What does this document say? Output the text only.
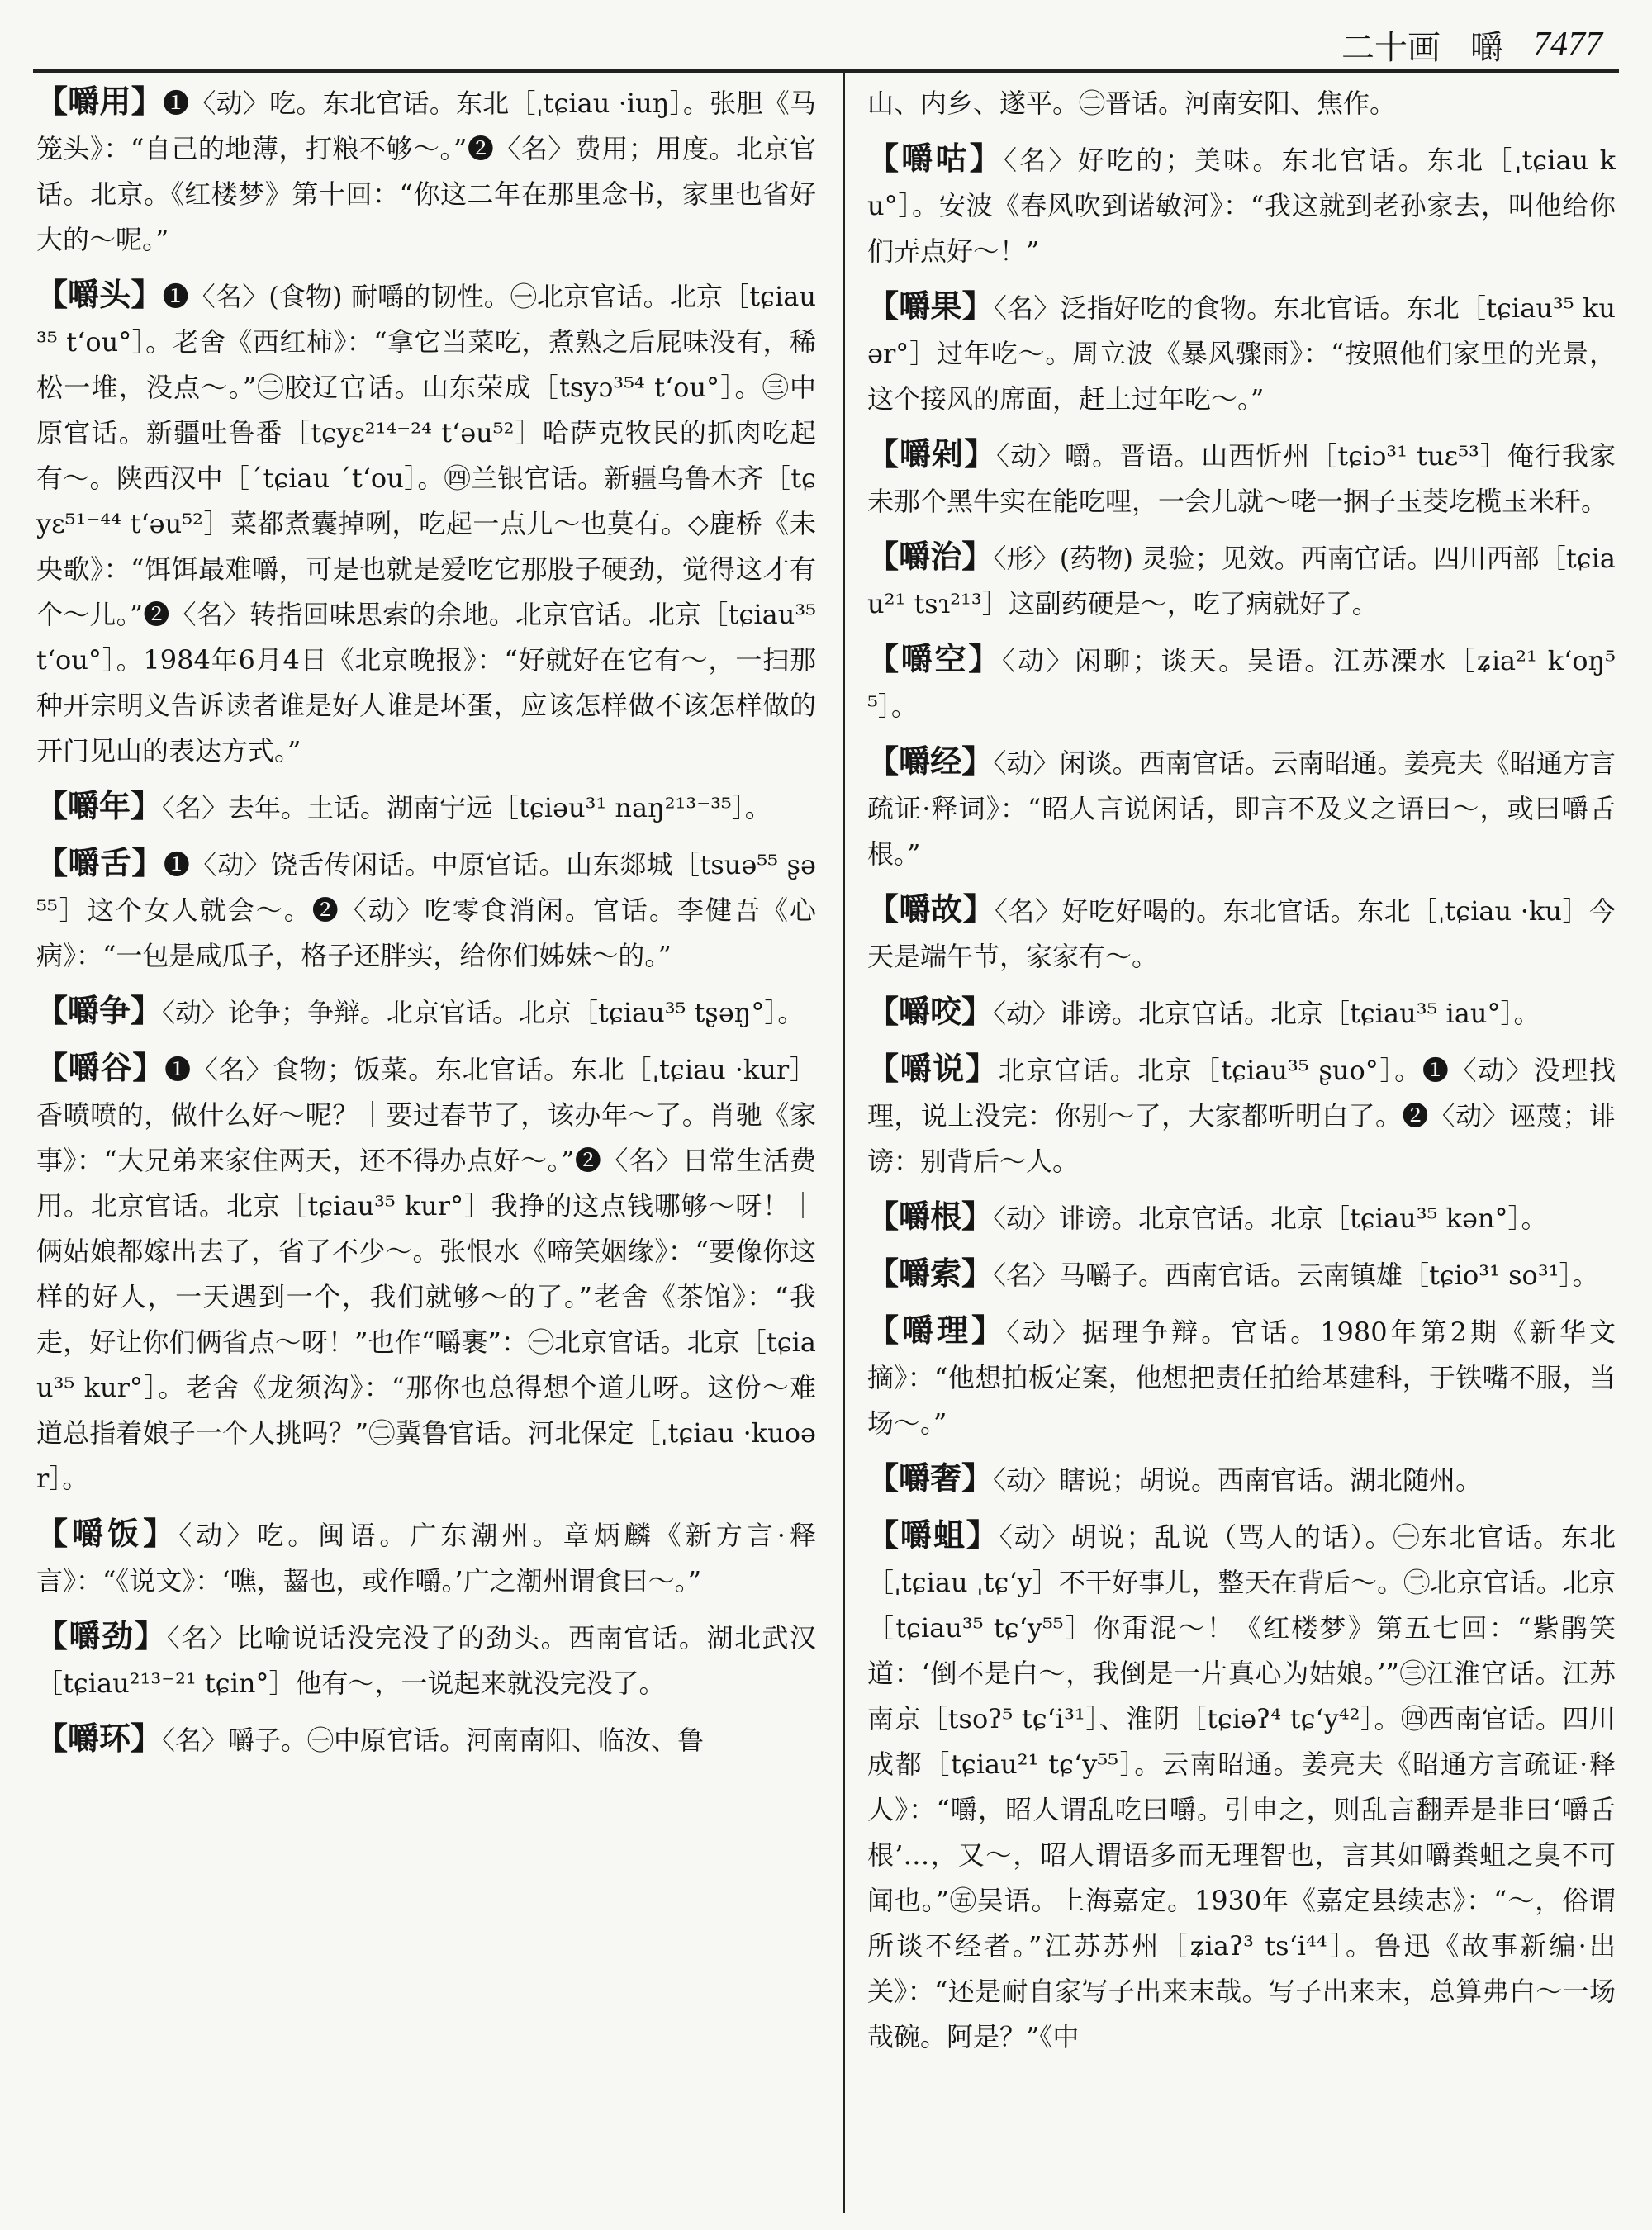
二十画 嚼 7477

【嚼用】❶〈动〉吃。东北官话。东北［ˌtɕiau ·iuŋ］。张胆《马笼头》：“自己的地薄，打粮不够～。”❷〈名〉费用；用度。北京官话。北京。《红楼梦》第十回：“你这二年在那里念书，家里也省好大的～呢。”

【嚼头】❶〈名〉(食物) 耐嚼的韧性。㊀北京官话。北京［tɕiau³⁵ tʻou°］。老舍《西红柿》：“拿它当菜吃，煮熟之后屁味没有，稀松一堆，没点～。”㊁胶辽官话。山东荣成［tsyɔ³⁵⁴ tʻou°］。㊂中原官话。新疆吐鲁番［tɕyɛ²¹⁴⁻²⁴ tʻəu⁵²］哈萨克牧民的抓肉吃起有～。陕西汉中［ˊtɕiau ˊtʻou］。㊃兰银官话。新疆乌鲁木齐［tɕyɛ⁵¹⁻⁴⁴ tʻəu⁵²］菜都煮囊掉咧，吃起一点儿～也莫有。◇鹿桥《未央歌》：“饵饵最难嚼，可是也就是爱吃它那股子硬劲，觉得这才有个～儿。”❷〈名〉转指回味思索的余地。北京官话。北京［tɕiau³⁵ tʻou°］。1984年6月4日《北京晚报》：“好就好在它有～，一扫那种开宗明义告诉读者谁是好人谁是坏蛋，应该怎样做不该怎样做的开门见山的表达方式。”

【嚼年】〈名〉去年。土话。湖南宁远［tɕiəu³¹ naŋ²¹³⁻³⁵］。

【嚼舌】❶〈动〉饶舌传闲话。中原官话。山东郯城［tsuə⁵⁵ ʂə⁵⁵］这个女人就会～。❷〈动〉吃零食消闲。官话。李健吾《心病》：“一包是咸瓜子，格子还胖实，给你们姊妹～的。”

【嚼争】〈动〉论争；争辩。北京官话。北京［tɕiau³⁵ tʂəŋ°］。

【嚼谷】❶〈名〉食物；饭菜。东北官话。东北［ˌtɕiau ·kur］香喷喷的，做什么好～呢？｜要过春节了，该办年～了。肖驰《家事》：“大兄弟来家住两天，还不得办点好～。”❷〈名〉日常生活费用。北京官话。北京［tɕiau³⁵ kur°］我挣的这点钱哪够～呀！｜俩姑娘都嫁出去了，省了不少～。张恨水《啼笑姻缘》：“要像你这样的好人，一天遇到一个，我们就够～的了。”老舍《茶馆》：“我走，好让你们俩省点～呀！”也作“嚼裹”：㊀北京官话。北京［tɕiau³⁵ kur°］。老舍《龙须沟》：“那你也总得想个道儿呀。这份～难道总指着娘子一个人挑吗？”㊁冀鲁官话。河北保定［ˌtɕiau ·kuoər］。

【嚼饭】〈动〉吃。闽语。广东潮州。章炳麟《新方言·释言》：“《说文》：‘噍，齧也，或作嚼。’广之潮州谓食曰～。”

【嚼劲】〈名〉比喻说话没完没了的劲头。西南官话。湖北武汉［tɕiau²¹³⁻²¹ tɕin°］他有～，一说起来就没完没了。

【嚼环】〈名〉嚼子。㊀中原官话。河南南阳、临汝、鲁

山、内乡、遂平。㊁晋话。河南安阳、焦作。

【嚼咕】〈名〉好吃的；美味。东北官话。东北［ˌtɕiau ku°］。安波《春风吹到诺敏河》：“我这就到老孙家去，叫他给你们弄点好～！”

【嚼果】〈名〉泛指好吃的食物。东北官话。东北［tɕiau³⁵ kuər°］过年吃～。周立波《暴风骤雨》：“按照他们家里的光景，这个接风的席面，赶上过年吃～。”

【嚼剁】〈动〉嚼。晋语。山西忻州［tɕiɔ³¹ tuɛ⁵³］俺行我家未那个黑牛实在能吃哩，一会儿就～咾一捆子玉茭圪榄玉米秆。

【嚼治】〈形〉(药物) 灵验；见效。西南官话。四川西部［tɕiau²¹ tsɿ²¹³］这副药硬是～，吃了病就好了。

【嚼空】〈动〉闲聊；谈天。吴语。江苏溧水［ʑia²¹ kʻoŋ⁵⁵］。

【嚼经】〈动〉闲谈。西南官话。云南昭通。姜亮夫《昭通方言疏证·释词》：“昭人言说闲话，即言不及义之语曰～，或曰嚼舌根。”

【嚼故】〈名〉好吃好喝的。东北官话。东北［ˌtɕiau ·ku］今天是端午节，家家有～。

【嚼咬】〈动〉诽谤。北京官话。北京［tɕiau³⁵ iau°］。

【嚼说】北京官话。北京［tɕiau³⁵ ʂuo°］。❶〈动〉没理找理，说上没完：你别～了，大家都听明白了。❷〈动〉诬蔑；诽谤：别背后～人。

【嚼根】〈动〉诽谤。北京官话。北京［tɕiau³⁵ kən°］。

【嚼索】〈名〉马嚼子。西南官话。云南镇雄［tɕio³¹ so³¹］。

【嚼理】〈动〉据理争辩。官话。1980年第2期《新华文摘》：“他想拍板定案，他想把责任拍给基建科，于铁嘴不服，当场～。”

【嚼奢】〈动〉瞎说；胡说。西南官话。湖北随州。

【嚼蛆】〈动〉胡说；乱说（骂人的话）。㊀东北官话。东北［ˌtɕiau ˌtɕʻy］不干好事儿，整天在背后～。㊁北京官话。北京［tɕiau³⁵ tɕʻy⁵⁵］你甭混～！《红楼梦》第五七回：“紫鹃笑道：‘倒不是白～，我倒是一片真心为姑娘。’”㊂江淮官话。江苏南京［tsoʔ⁵ tɕʻi³¹］、淮阴［tɕiəʔ⁴ tɕʻy⁴²］。㊃西南官话。四川成都［tɕiau²¹ tɕʻy⁵⁵］。云南昭通。姜亮夫《昭通方言疏证·释人》：“嚼，昭人谓乱吃曰嚼。引申之，则乱言翻弄是非曰‘嚼舌根’…，又～，昭人谓语多而无理智也，言其如嚼粪蛆之臭不可闻也。”㊄吴语。上海嘉定。1930年《嘉定县续志》：“～，俗谓所谈不经者。”江苏苏州［ʑiaʔ³ tsʻi⁴⁴］。鲁迅《故事新编·出关》：“还是耐自家写子出来末哉。写子出来末，总算弗白～一场哉碗。阿是？”《中
